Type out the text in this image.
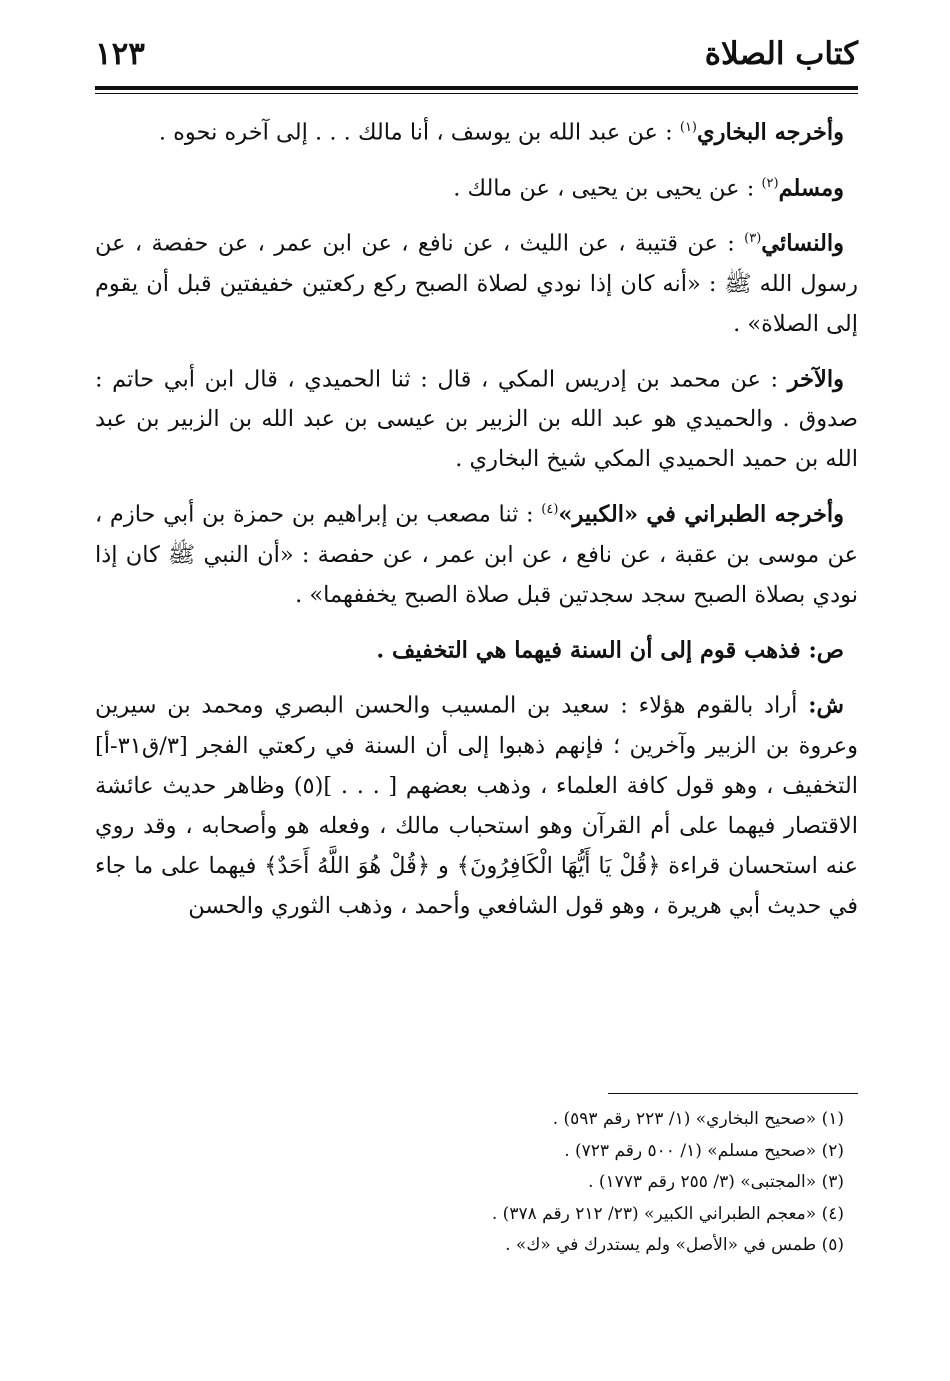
كتاب الصلاة
١٢٣

وأخرجه البخاري$^{(١)}$ : عن عبد الله بن يوسف ، أنا مالك . . . إلى آخره نحوه .

ومسلم$^{(٢)}$ : عن يحيى بن يحيى ، عن مالك .

والنسائي$^{(٣)}$ : عن قتيبة ، عن الليث ، عن نافع ، عن ابن عمر ، عن حفصة ، عن رسول الله ﷺ : «أنه كان إذا نودي لصلاة الصبح ركع ركعتين خفيفتين قبل أن يقوم إلى الصلاة» .

والآخر : عن محمد بن إدريس المكي ، قال : ثنا الحميدي ، قال ابن أبي حاتم : صدوق . والحميدي هو عبد الله بن الزبير بن عيسى بن عبد الله بن الزبير بن عبد الله بن حميد الحميدي المكي شيخ البخاري .

وأخرجه الطبراني في «الكبير»$^{(٤)}$ : ثنا مصعب بن إبراهيم بن حمزة بن أبي حازم ، عن موسى بن عقبة ، عن نافع ، عن ابن عمر ، عن حفصة : «أن النبي ﷺ كان إذا نودي بصلاة الصبح سجد سجدتين قبل صلاة الصبح يخففهما» .

ص: فذهب قوم إلى أن السنة فيهما هي التخفيف .

ش: أراد بالقوم هؤلاء : سعيد بن المسيب والحسن البصري ومحمد بن سيرين وعروة بن الزبير وآخرين ؛ فإنهم ذهبوا إلى أن السنة في ركعتي الفجر [٣/ق٣١-أ] التخفيف ، وهو قول كافة العلماء ، وذهب بعضهم [ . . . ](٥) وظاهر حديث عائشة الاقتصار فيهما على أم القرآن وهو استحباب مالك ، وفعله هو وأصحابه ، وقد روي عنه استحسان قراءة ﴿قُلْ يَا أَيُّهَا الْكَافِرُونَ﴾ و ﴿قُلْ هُوَ اللَّهُ أَحَدٌ﴾ فيهما على ما جاء في حديث أبي هريرة ، وهو قول الشافعي وأحمد ، وذهب الثوري والحسن

(١) «صحيح البخاري» (١/ ٢٢٣ رقم ٥٩٣) .
(٢) «صحيح مسلم» (١/ ٥٠٠ رقم ٧٢٣) .
(٣) «المجتبى» (٣/ ٢٥٥ رقم ١٧٧٣) .
(٤) «معجم الطبراني الكبير» (٢٣/ ٢١٢ رقم ٣٧٨) .
(٥) طمس في «الأصل» ولم يستدرك في «ك» .
